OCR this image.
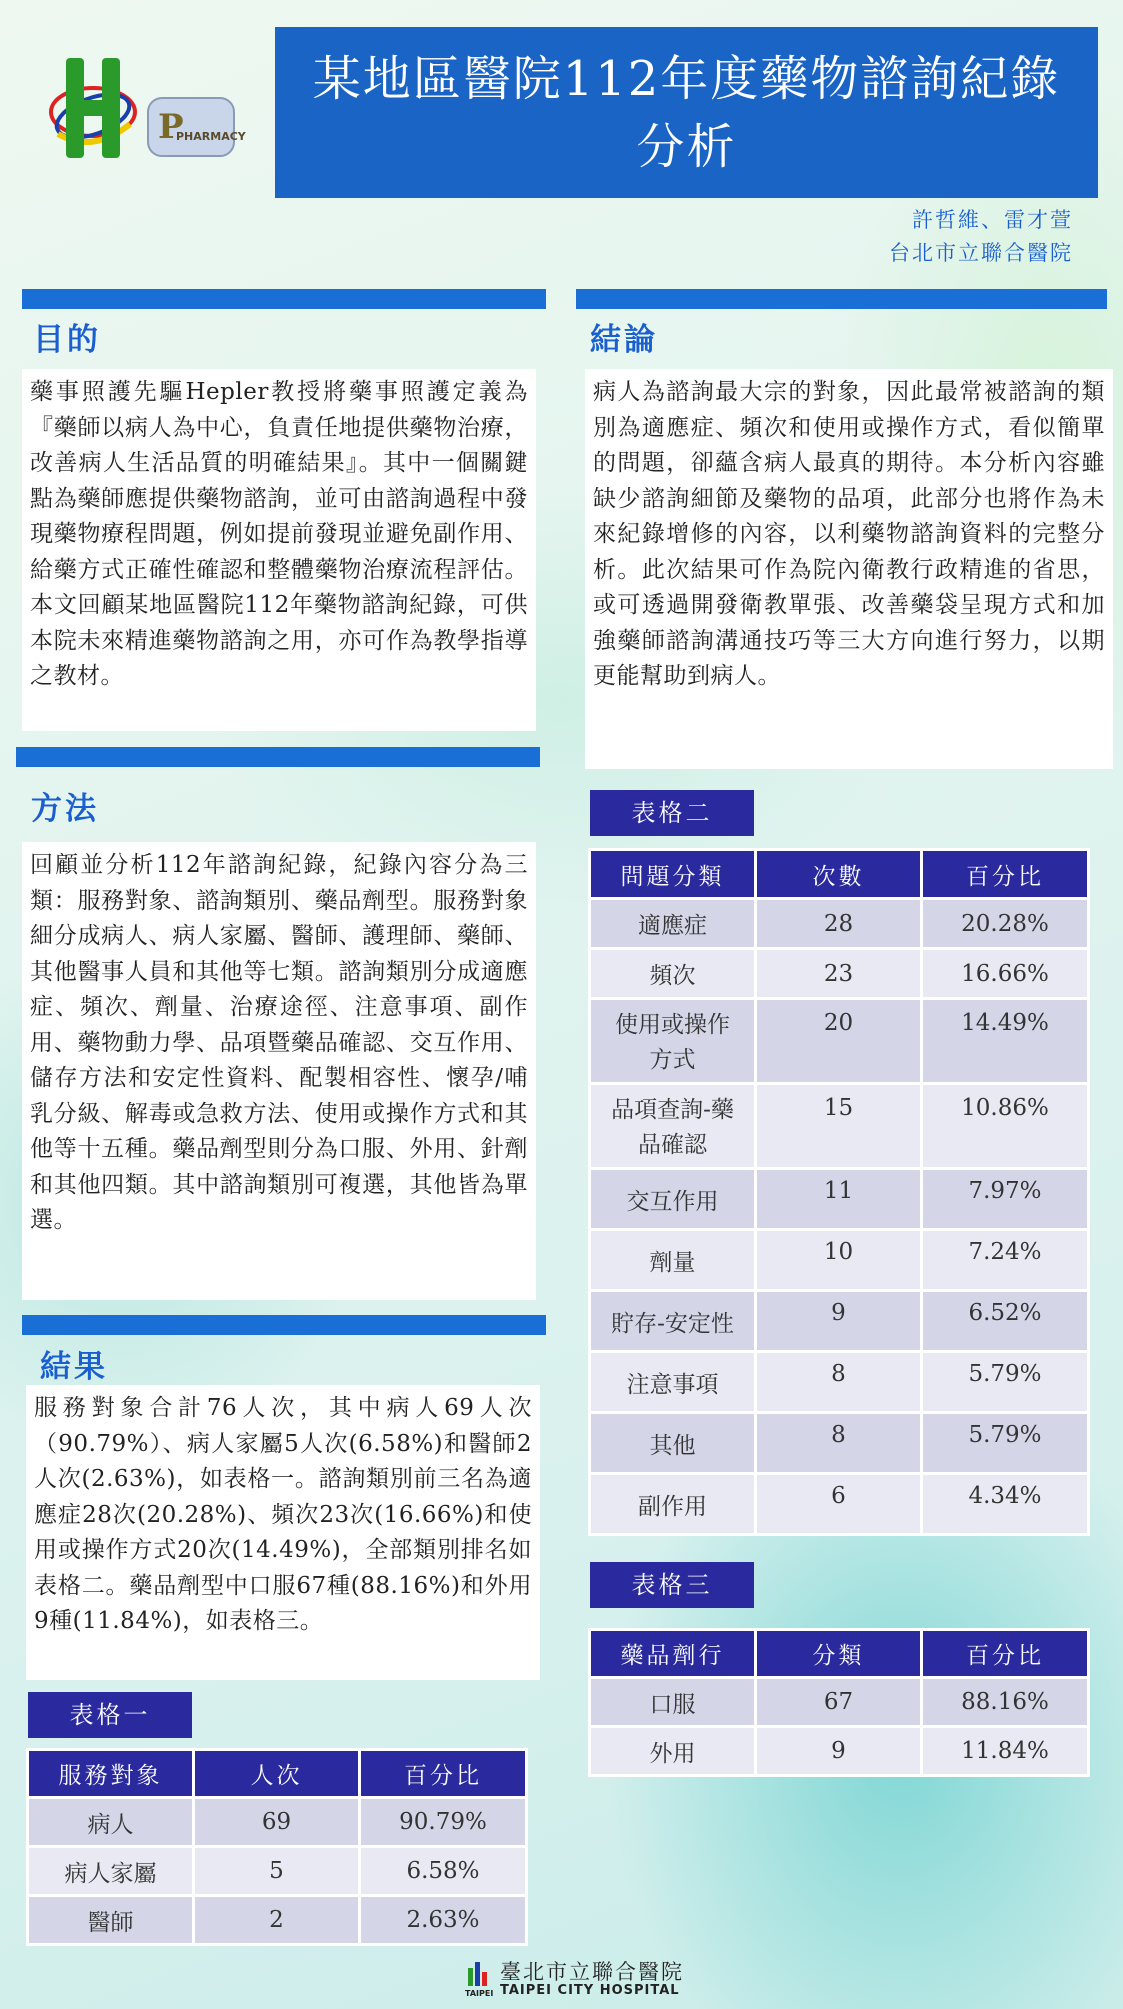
P
PHARMACY
某地區醫院112年度藥物諮詢紀錄分析
許哲維、雷才萱
台北市立聯合醫院
目的
藥事照護先驅Hepler教授將藥事照護定義為『藥師以病人為中心，負責任地提供藥物治療，改善病人生活品質的明確結果』。其中一個關鍵點為藥師應提供藥物諮詢，並可由諮詢過程中發現藥物療程問題，例如提前發現並避免副作用、給藥方式正確性確認和整體藥物治療流程評估。本文回顧某地區醫院112年藥物諮詢紀錄，可供本院未來精進藥物諮詢之用，亦可作為教學指導之教材。
方法
回顧並分析112年諮詢紀錄，紀錄內容分為三類：服務對象、諮詢類別、藥品劑型。服務對象細分成病人、病人家屬、醫師、護理師、藥師、其他醫事人員和其他等七類。諮詢類別分成適應症、頻次、劑量、治療途徑、注意事項、副作用、藥物動力學、品項暨藥品確認、交互作用、儲存方法和安定性資料、配製相容性、懷孕/哺乳分級、解毒或急救方法、使用或操作方式和其他等十五種。藥品劑型則分為口服、外用、針劑和其他四類。其中諮詢類別可複選，其他皆為單選。
結果
服務對象合計76人次，其中病人69人次（90.79%）、病人家屬5人次(6.58%)和醫師2人次(2.63%)，如表格一。諮詢類別前三名為適應症28次(20.28%)、頻次23次(16.66%)和使用或操作方式20次(14.49%)，全部類別排名如表格二。藥品劑型中口服67種(88.16%)和外用9種(11.84%)，如表格三。
表格一
服務對象	人次	百分比
病人	69	90.79%
病人家屬	5	6.58%
醫師	2	2.63%
結論
病人為諮詢最大宗的對象，因此最常被諮詢的類別為適應症、頻次和使用或操作方式，看似簡單的問題，卻蘊含病人最真的期待。本分析內容雖缺少諮詢細節及藥物的品項，此部分也將作為未來紀錄增修的內容，以利藥物諮詢資料的完整分析。此次結果可作為院內衛教行政精進的省思，或可透過開發衛教單張、改善藥袋呈現方式和加強藥師諮詢溝通技巧等三大方向進行努力，以期更能幫助到病人。
表格二
問題分類	次數	百分比
適應症	28	20.28%
頻次	23	16.66%
使用或操作方式	20	14.49%
品項查詢-藥品確認	15	10.86%
交互作用	11	7.97%
劑量	10	7.24%
貯存-安定性	9	6.52%
注意事項	8	5.79%
其他	8	5.79%
副作用	6	4.34%
表格三
藥品劑行	分類	百分比
口服	67	88.16%
外用	9	11.84%
TAIPEI
臺北市立聯合醫院
TAIPEI CITY HOSPITAL
